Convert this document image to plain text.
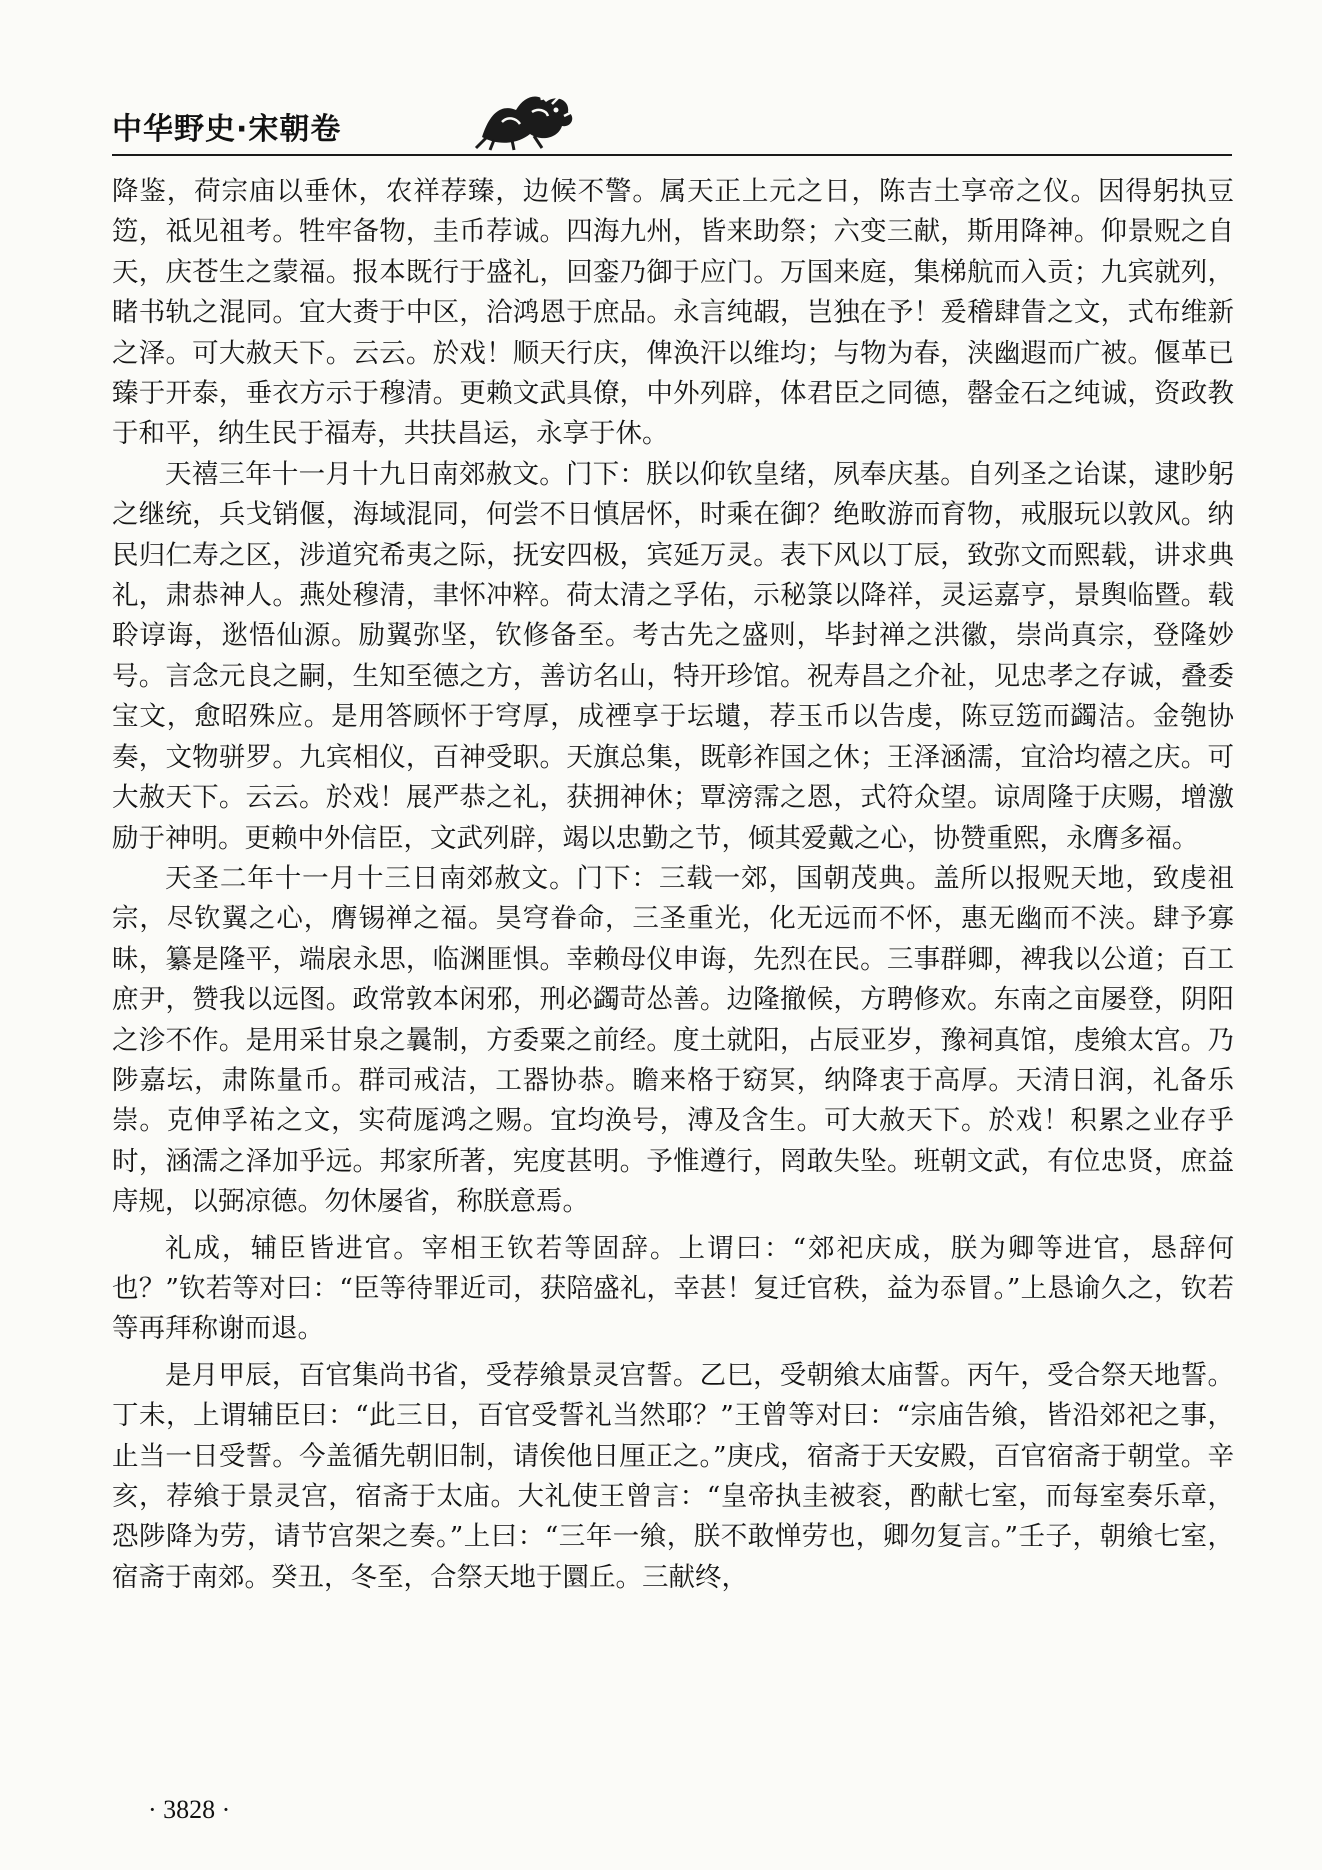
中华野史·宋朝卷

降鉴，荷宗庙以垂休，农祥荐臻，边候不警。属天正上元之日，陈吉土享帝之仪。因得躬执豆笾，祗见祖考。牲牢备物，圭币荐诚。四海九州，皆来助祭；六变三献，斯用降神。仰景贶之自天，庆苍生之蒙福。报本既行于盛礼，回銮乃御于应门。万国来庭，集梯航而入贡；九宾就列，睹书轨之混同。宜大赉于中区，洽鸿恩于庶品。永言纯嘏，岂独在予！爰稽肆眚之文，式布维新之泽。可大赦天下。云云。於戏！顺天行庆，俾涣汗以维均；与物为春，浃幽遐而广被。偃革已臻于开泰，垂衣方示于穆清。更赖文武具僚，中外列辟，体君臣之同德，罄金石之纯诚，资政教于和平，纳生民于福寿，共扶昌运，永享于休。

天禧三年十一月十九日南郊赦文。门下：朕以仰钦皇绪，夙奉庆基。自列圣之诒谋，逮眇躬之继统，兵戈销偃，海域混同，何尝不日慎居怀，时乘在御？绝畋游而育物，戒服玩以敦风。纳民归仁寿之区，涉道究希夷之际，抚安四极，宾延万灵。表下风以丁辰，致弥文而熙载，讲求典礼，肃恭神人。燕处穆清，聿怀冲粹。荷太清之孚佑，示秘箓以降祥，灵运嘉亨，景舆临暨。载聆谆诲，逖悟仙源。励翼弥坚，钦修备至。考古先之盛则，毕封禅之洪徽，崇尚真宗，登隆妙号。言念元良之嗣，生知至德之方，善访名山，特开珍馆。祝寿昌之介祉，见忠孝之存诚，叠委宝文，愈昭殊应。是用答顾怀于穹厚，成禋享于坛壝，荐玉币以告虔，陈豆笾而蠲洁。金匏协奏，文物骈罗。九宾相仪，百神受职。天旗总集，既彰祚国之休；王泽涵濡，宜洽均禧之庆。可大赦天下。云云。於戏！展严恭之礼，获拥神休；覃滂霈之恩，式符众望。谅周隆于庆赐，增激励于神明。更赖中外信臣，文武列辟，竭以忠勤之节，倾其爱戴之心，协赞重熙，永膺多福。

天圣二年十一月十三日南郊赦文。门下：三载一郊，国朝茂典。盖所以报贶天地，致虔祖宗，尽钦翼之心，膺锡禅之福。昊穹眷命，三圣重光，化无远而不怀，惠无幽而不浃。肆予寡昧，纂是隆平，端扆永思，临渊匪惧。幸赖母仪申诲，先烈在民。三事群卿，裨我以公道；百工庶尹，赞我以远图。政常敦本闲邪，刑必蠲苛怂善。边隆撤候，方聘修欢。东南之亩屡登，阴阳之沴不作。是用采甘泉之曩制，方委粟之前经。度土就阳，占辰亚岁，豫祠真馆，虔飨太宫。乃陟嘉坛，肃陈量币。群司戒洁，工器协恭。瞻来格于窈冥，纳降衷于高厚。天清日润，礼备乐崇。克伸孚祐之文，实荷厖鸿之赐。宜均涣号，溥及含生。可大赦天下。於戏！积累之业存乎时，涵濡之泽加乎远。邦家所著，宪度甚明。予惟遵行，罔敢失坠。班朝文武，有位忠贤，庶益庤规，以弼凉德。勿休屡省，称朕意焉。

礼成，辅臣皆进官。宰相王钦若等固辞。上谓曰：“郊祀庆成，朕为卿等进官，恳辞何也？”钦若等对曰：“臣等待罪近司，获陪盛礼，幸甚！复迁官秩，益为忝冒。”上恳谕久之，钦若等再拜称谢而退。

是月甲辰，百官集尚书省，受荐飨景灵宫誓。乙巳，受朝飨太庙誓。丙午，受合祭天地誓。丁未，上谓辅臣曰：“此三日，百官受誓礼当然耶？”王曾等对曰：“宗庙告飨，皆沿郊祀之事，止当一日受誓。今盖循先朝旧制，请俟他日厘正之。”庚戌，宿斋于天安殿，百官宿斋于朝堂。辛亥，荐飨于景灵宫，宿斋于太庙。大礼使王曾言：“皇帝执圭被衮，酌献七室，而每室奏乐章，恐陟降为劳，请节宫架之奏。”上曰：“三年一飨，朕不敢惮劳也，卿勿复言。”壬子，朝飨七室，宿斋于南郊。癸丑，冬至，合祭天地于圜丘。三献终，

· 3828 ·
